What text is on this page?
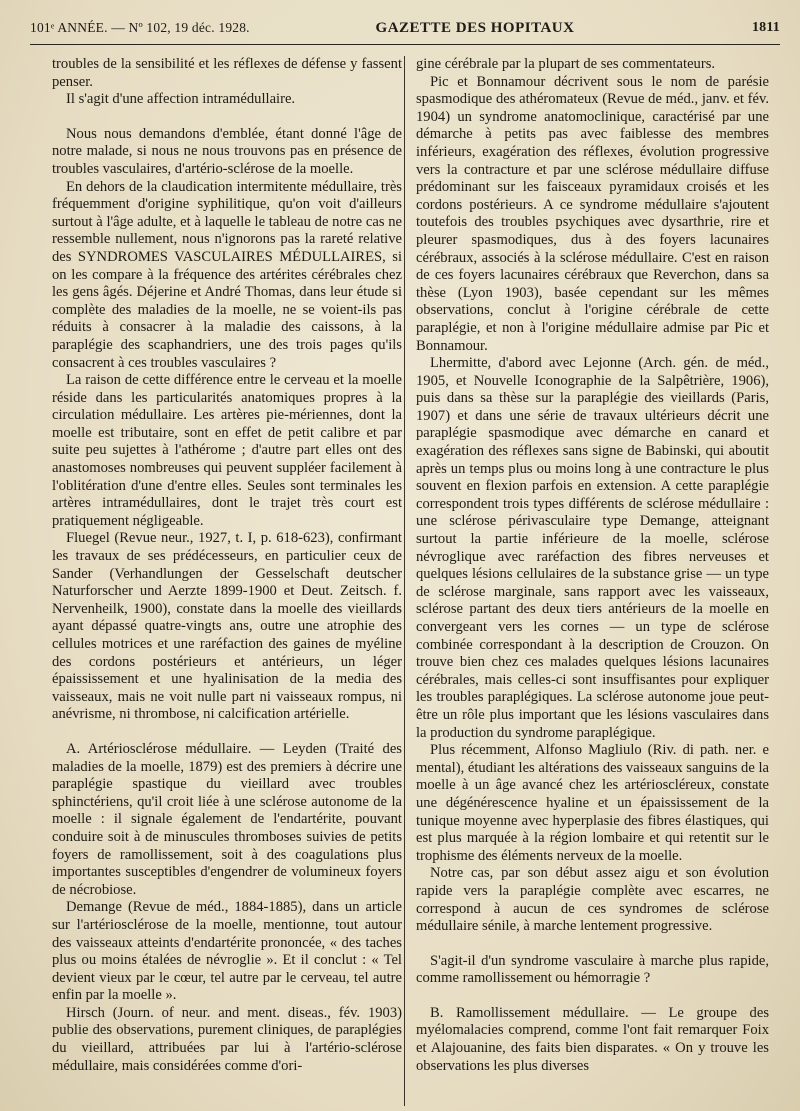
101ᵉ ANNÉE. — Nº 102, 19 déc. 1928.	GAZETTE DES HOPITAUX	1811

troubles de la sensibilité et les réflexes de défense y fassent penser.

Il s'agit d'une affection intramédullaire.

Nous nous demandons d'emblée, étant donné l'âge de notre malade, si nous ne nous trouvons pas en présence de troubles vasculaires, d'artério-sclérose de la moelle.

En dehors de la claudication intermitente médullaire, très fréquemment d'origine syphilitique, qu'on voit d'ailleurs surtout à l'âge adulte, et à laquelle le tableau de notre cas ne ressemble nullement, nous n'ignorons pas la rareté relative des SYNDROMES VASCULAIRES MÉDULLAIRES, si on les compare à la fréquence des artérites cérébrales chez les gens âgés. Déjerine et André Thomas, dans leur étude si complète des maladies de la moelle, ne se voient-ils pas réduits à consacrer à la maladie des caissons, à la paraplégie des scaphandriers, une des trois pages qu'ils consacrent à ces troubles vasculaires ?

La raison de cette différence entre le cerveau et la moelle réside dans les particularités anatomiques propres à la circulation médullaire. Les artères pie-mériennes, dont la moelle est tributaire, sont en effet de petit calibre et par suite peu sujettes à l'athérome ; d'autre part elles ont des anastomoses nombreuses qui peuvent suppléer facilement à l'oblitération d'une d'entre elles. Seules sont terminales les artères intramédullaires, dont le trajet très court est pratiquement négligeable.

Fluegel (Revue neur., 1927, t. I, p. 618-623), confirmant les travaux de ses prédécesseurs, en particulier ceux de Sander (Verhandlungen der Gesselschaft deutscher Naturforscher und Aerzte 1899-1900 et Deut. Zeitsch. f. Nervenheilk, 1900), constate dans la moelle des vieillards ayant dépassé quatre-vingts ans, outre une atrophie des cellules motrices et une raréfaction des gaines de myéline des cordons postérieurs et antérieurs, un léger épaississement et une hyalinisation de la media des vaisseaux, mais ne voit nulle part ni vaisseaux rompus, ni anévrisme, ni thrombose, ni calcification artérielle.

A. Artériosclérose médullaire. — Leyden (Traité des maladies de la moelle, 1879) est des premiers à décrire une paraplégie spastique du vieillard avec troubles sphinctériens, qu'il croit liée à une sclérose autonome de la moelle : il signale également de l'endartérite, pouvant conduire soit à de minuscules thromboses suivies de petits foyers de ramollissement, soit à des coagulations plus importantes susceptibles d'engendrer de volumineux foyers de nécrobiose.

Demange (Revue de méd., 1884-1885), dans un article sur l'artériosclérose de la moelle, mentionne, tout autour des vaisseaux atteints d'endartérite prononcée, « des taches plus ou moins étalées de névroglie ». Et il conclut : « Tel devient vieux par le cœur, tel autre par le cerveau, tel autre enfin par la moelle ».

Hirsch (Journ. of neur. and ment. diseas., fév. 1903) publie des observations, purement cliniques, de paraplégies du vieillard, attribuées par lui à l'artério-sclérose médullaire, mais considérées comme d'ori-

gine cérébrale par la plupart de ses commentateurs.

Pic et Bonnamour décrivent sous le nom de parésie spasmodique des athéromateux (Revue de méd., janv. et fév. 1904) un syndrome anatomoclinique, caractérisé par une démarche à petits pas avec faiblesse des membres inférieurs, exagération des réflexes, évolution progressive vers la contracture et par une sclérose médullaire diffuse prédominant sur les faisceaux pyramidaux croisés et les cordons postérieurs. A ce syndrome médullaire s'ajoutent toutefois des troubles psychiques avec dysarthrie, rire et pleurer spasmodiques, dus à des foyers lacunaires cérébraux, associés à la sclérose médullaire. C'est en raison de ces foyers lacunaires cérébraux que Reverchon, dans sa thèse (Lyon 1903), basée cependant sur les mêmes observations, conclut à l'origine cérébrale de cette paraplégie, et non à l'origine médullaire admise par Pic et Bonnamour.

Lhermitte, d'abord avec Lejonne (Arch. gén. de méd., 1905, et Nouvelle Iconographie de la Salpêtrière, 1906), puis dans sa thèse sur la paraplégie des vieillards (Paris, 1907) et dans une série de travaux ultérieurs décrit une paraplégie spasmodique avec démarche en canard et exagération des réflexes sans signe de Babinski, qui aboutit après un temps plus ou moins long à une contracture le plus souvent en flexion parfois en extension. A cette paraplégie correspondent trois types différents de sclérose médullaire : une sclérose périvasculaire type Demange, atteignant surtout la partie inférieure de la moelle, sclérose névroglique avec raréfaction des fibres nerveuses et quelques lésions cellulaires de la substance grise — un type de sclérose marginale, sans rapport avec les vaisseaux, sclérose partant des deux tiers antérieurs de la moelle en convergeant vers les cornes — un type de sclérose combinée correspondant à la description de Crouzon. On trouve bien chez ces malades quelques lésions lacunaires cérébrales, mais celles-ci sont insuffisantes pour expliquer les troubles paraplégiques. La sclérose autonome joue peut-être un rôle plus important que les lésions vasculaires dans la production du syndrome paraplégique.

Plus récemment, Alfonso Magliulo (Riv. di path. ner. e mental), étudiant les altérations des vaisseaux sanguins de la moelle à un âge avancé chez les artérioscléreux, constate une dégénérescence hyaline et un épaississement de la tunique moyenne avec hyperplasie des fibres élastiques, qui est plus marquée à la région lombaire et qui retentit sur le trophisme des éléments nerveux de la moelle.

Notre cas, par son début assez aigu et son évolution rapide vers la paraplégie complète avec escarres, ne correspond à aucun de ces syndromes de sclérose médullaire sénile, à marche lentement progressive.

S'agit-il d'un syndrome vasculaire à marche plus rapide, comme ramollissement ou hémorragie ?

B. Ramollissement médullaire. — Le groupe des myélomalacies comprend, comme l'ont fait remarquer Foix et Alajouanine, des faits bien disparates. « On y trouve les observations les plus diverses
